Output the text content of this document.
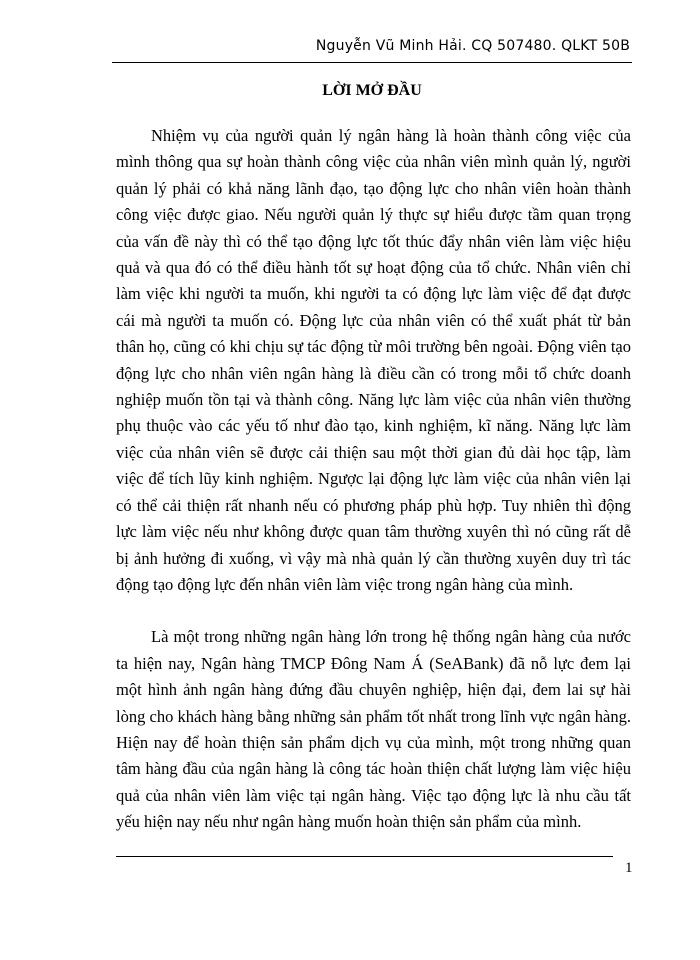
Nguyễn Vũ Minh Hải. CQ 507480. QLKT 50B
LỜI MỞ ĐẦU

Nhiệm vụ của người quản lý ngân hàng là hoàn thành công việc của mình thông qua sự hoàn thành công việc của nhân viên mình quản lý, người quản lý phải có khả năng lãnh đạo, tạo động lực cho nhân viên hoàn thành công việc được giao. Nếu người quản lý thực sự hiểu được tầm quan trọng của vấn đề này thì có thể tạo động lực tốt thúc đẩy nhân viên làm việc hiệu quả và qua đó có thể điều hành tốt sự hoạt động của tổ chức. Nhân viên chỉ làm việc khi người ta muốn, khi người ta có động lực làm việc để đạt được cái mà người ta muốn có. Động lực của nhân viên có thể xuất phát từ bản thân họ, cũng có khi chịu sự tác động từ môi trường bên ngoài. Động viên tạo động lực cho nhân viên ngân hàng là điều cần có trong mỗi tổ chức doanh nghiệp muốn tồn tại và thành công. Năng lực làm việc của nhân viên thường phụ thuộc vào các yếu tố như đào tạo, kinh nghiệm, kĩ năng. Năng lực làm việc của nhân viên sẽ được cải thiện sau một thời gian đủ dài học tập, làm việc để tích lũy kinh nghiệm. Ngược lại động lực làm việc của nhân viên lại có thể cải thiện rất nhanh nếu có phương pháp phù hợp. Tuy nhiên thì động lực làm việc nếu như không được quan tâm thường xuyên thì nó cũng rất dễ bị ảnh hưởng đi xuống, vì vậy mà nhà quản lý cần thường xuyên duy trì tác động tạo động lực đến nhân viên làm việc trong ngân hàng của mình.

Là một trong những ngân hàng lớn trong hệ thống ngân hàng của nước ta hiện nay, Ngân hàng TMCP Đông Nam Á (SeABank) đã nỗ lực đem lại một hình ảnh ngân hàng đứng đầu chuyên nghiệp, hiện đại, đem lai sự hài lòng cho khách hàng bằng những sản phẩm tốt nhất trong lĩnh vực ngân hàng. Hiện nay để hoàn thiện sản phẩm dịch vụ của mình, một trong những quan tâm hàng đầu của ngân hàng là công tác hoàn thiện chất lượng làm việc hiệu quả của nhân viên làm việc tại ngân hàng. Việc tạo động lực là nhu cầu tất yếu hiện nay nếu như ngân hàng muốn hoàn thiện sản phẩm của mình.

1
